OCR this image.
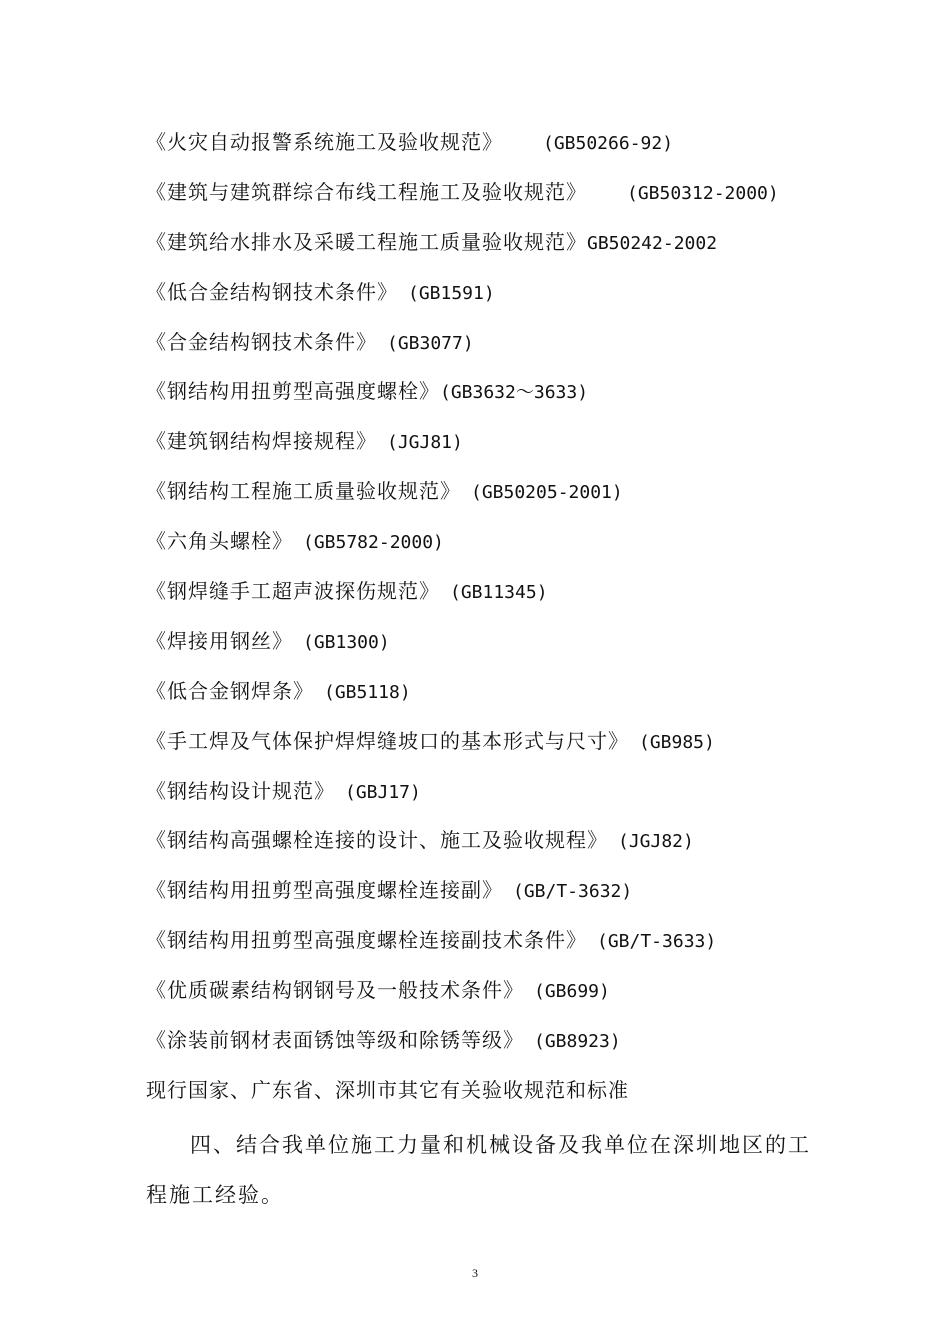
《火灾自动报警系统施工及验收规范》 (GB50266-92)
《建筑与建筑群综合布线工程施工及验收规范》 (GB50312-2000)
《建筑给水排水及采暖工程施工质量验收规范》GB50242-2002
《低合金结构钢技术条件》 (GB1591)
《合金结构钢技术条件》 (GB3077)
《钢结构用扭剪型高强度螺栓》(GB3632～3633)
《建筑钢结构焊接规程》 (JGJ81)
《钢结构工程施工质量验收规范》 (GB50205-2001)
《六角头螺栓》 (GB5782-2000)
《钢焊缝手工超声波探伤规范》 (GB11345)
《焊接用钢丝》 (GB1300)
《低合金钢焊条》 (GB5118)
《手工焊及气体保护焊焊缝坡口的基本形式与尺寸》 (GB985)
《钢结构设计规范》 (GBJ17)
《钢结构高强螺栓连接的设计、施工及验收规程》 (JGJ82)
《钢结构用扭剪型高强度螺栓连接副》 (GB/T-3632)
《钢结构用扭剪型高强度螺栓连接副技术条件》 (GB/T-3633)
《优质碳素结构钢钢号及一般技术条件》 (GB699)
《涂装前钢材表面锈蚀等级和除锈等级》 (GB8923)
现行国家、广东省、深圳市其它有关验收规范和标准

四、结合我单位施工力量和机械设备及我单位在深圳地区的工程施工经验。

3
